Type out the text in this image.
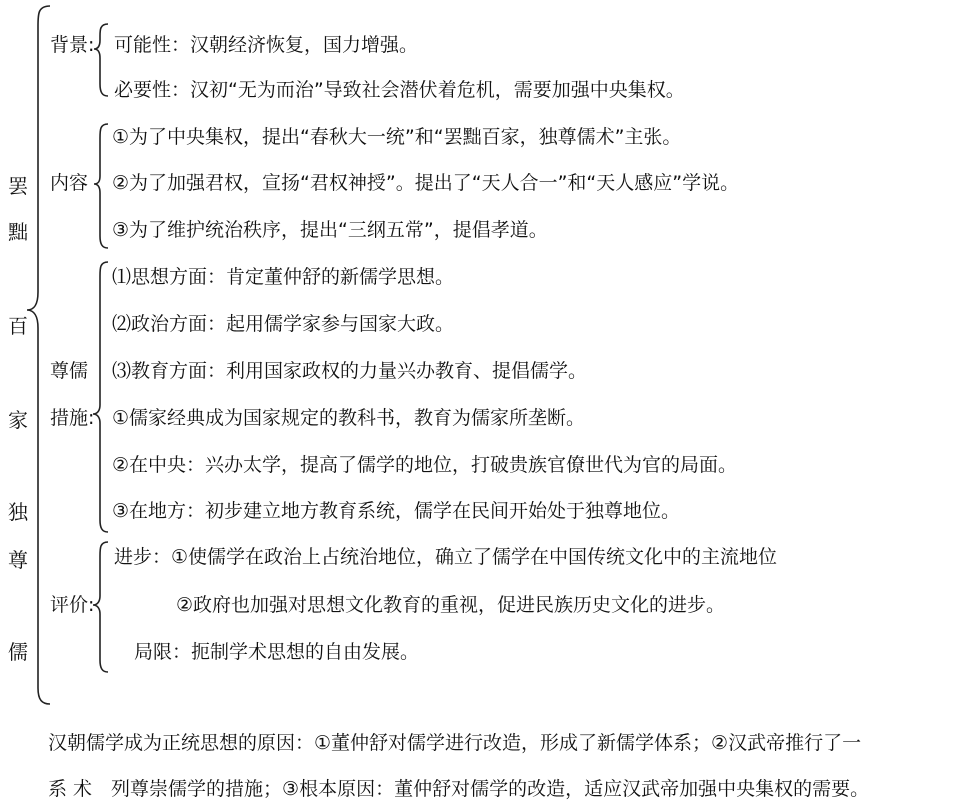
罢
黜
百
家
独
尊
儒
背景: 可能性：汉朝经济恢复，国力增强。
必要性：汉初“无为而治”导致社会潜伏着危机，需要加强中央集权。
内容
①为了中央集权，提出“春秋大一统”和“罢黜百家，独尊儒术”主张。
②为了加强君权，宣扬“君权神授”。提出了“天人合一”和“天人感应”学说。
③为了维护统治秩序，提出“三纲五常”，提倡孝道。
尊儒
措施:
⑴思想方面：肯定董仲舒的新儒学思想。
⑵政治方面：起用儒学家参与国家大政。
⑶教育方面：利用国家政权的力量兴办教育、提倡儒学。
①儒家经典成为国家规定的教科书，教育为儒家所垄断。
②在中央：兴办太学，提高了儒学的地位，打破贵族官僚世代为官的局面。
③在地方：初步建立地方教育系统，儒学在民间开始处于独尊地位。
评价:
进步：①使儒学在政治上占统治地位，确立了儒学在中国传统文化中的主流地位
②政府也加强对思想文化教育的重视，促进民族历史文化的进步。
局限：扼制学术思想的自由发展。
汉朝儒学成为正统思想的原因：①董仲舒对儒学进行改造，形成了新儒学体系；②汉武帝推行了一
系 术　列尊崇儒学的措施；③根本原因：董仲舒对儒学的改造，适应汉武帝加强中央集权的需要。
